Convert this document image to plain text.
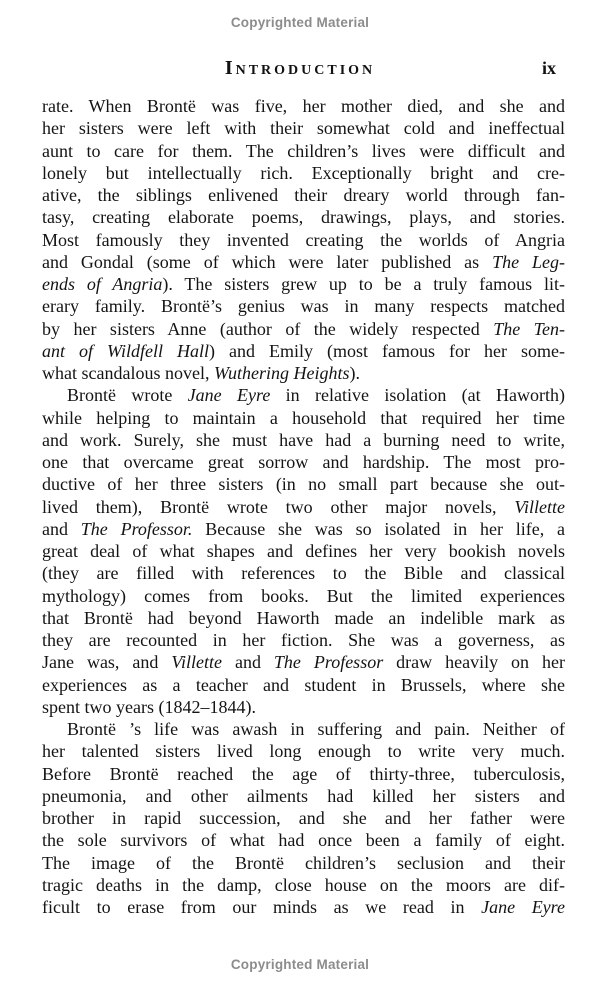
Copyrighted Material
Introduction	ix
rate. When Brontë was five, her mother died, and she and
her sisters were left with their somewhat cold and ineffectual
aunt to care for them. The children’s lives were difficult and
lonely but intellectually rich. Exceptionally bright and cre-
ative, the siblings enlivened their dreary world through fan-
tasy, creating elaborate poems, drawings, plays, and stories.
Most famously they invented creating the worlds of Angria
and Gondal (some of which were later published as The Leg-
ends of Angria). The sisters grew up to be a truly famous lit-
erary family. Brontë’s genius was in many respects matched
by her sisters Anne (author of the widely respected The Ten-
ant of Wildfell Hall) and Emily (most famous for her some-
what scandalous novel, Wuthering Heights).
Brontë wrote Jane Eyre in relative isolation (at Haworth)
while helping to maintain a household that required her time
and work. Surely, she must have had a burning need to write,
one that overcame great sorrow and hardship. The most pro-
ductive of her three sisters (in no small part because she out-
lived them), Brontë wrote two other major novels, Villette
and The Professor. Because she was so isolated in her life, a
great deal of what shapes and defines her very bookish novels
(they are filled with references to the Bible and classical
mythology) comes from books. But the limited experiences
that Brontë had beyond Haworth made an indelible mark as
they are recounted in her fiction. She was a governess, as
Jane was, and Villette and The Professor draw heavily on her
experiences as a teacher and student in Brussels, where she
spent two years (1842–1844).
Brontë ’s life was awash in suffering and pain. Neither of
her talented sisters lived long enough to write very much.
Before Brontë reached the age of thirty-three, tuberculosis,
pneumonia, and other ailments had killed her sisters and
brother in rapid succession, and she and her father were
the sole survivors of what had once been a family of eight.
The image of the Brontë children’s seclusion and their
tragic deaths in the damp, close house on the moors are dif-
ficult to erase from our minds as we read in Jane Eyre
Copyrighted Material
